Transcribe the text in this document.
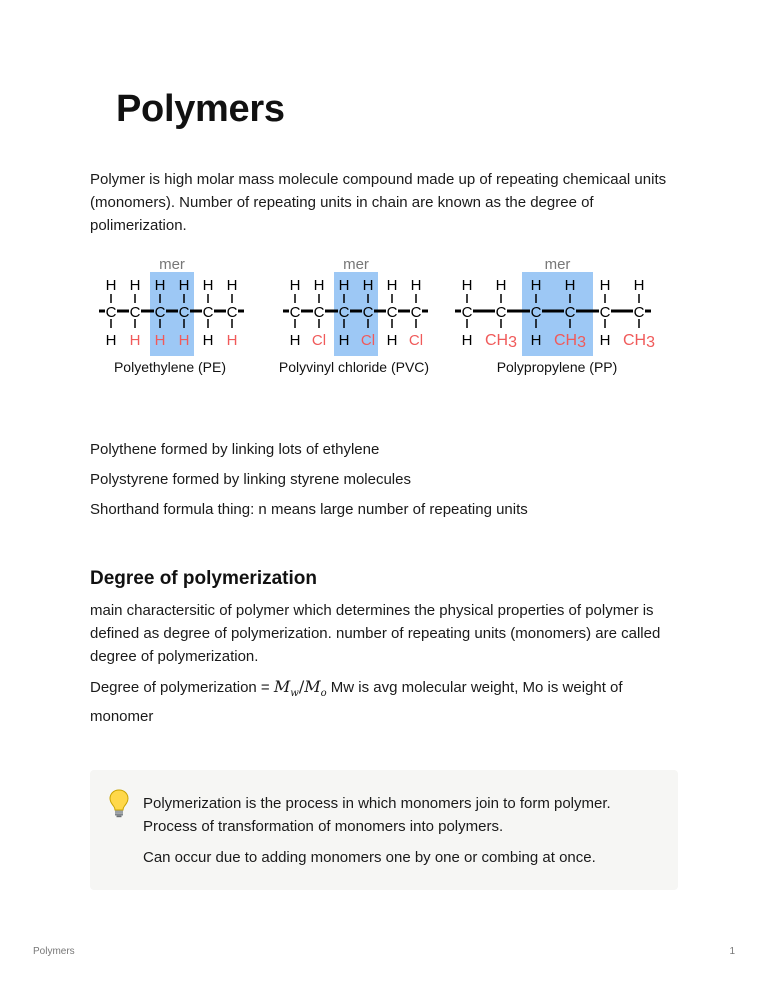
Polymers

Polymer is high molar mass molecule compound made up of repeating chemicaal units (monomers). Number of repeating units in chain are known as the degree of polimerization.

mer
H
C
H
H
C
H
H
C
H
H
C
H
H
C
H
H
C
H
Polyethylene (PE)
mer
H
C
H
H
C
Cl
H
C
H
H
C
Cl
H
C
H
H
C
Cl
Polyvinyl chloride (PVC)
mer
H
C
H
H
C
CH3
H
C
H
H
C
CH3
H
C
H
H
C
CH3
Polypropylene (PP)

Polythene formed by linking lots of ethylene

Polystyrene formed by linking styrene molecules

Shorthand formula thing: n means large number of repeating units

Degree of polymerization

main charactersitic of polymer which determines the physical properties of polymer is defined as degree of polymerization. number of repeating units (monomers) are called degree of polymerization.

Degree of polymerization = $M_w/M_o$ Mw is avg molecular weight, Mo is weight of monomer

Polymerization is the process in which monomers join to form polymer. Process of transformation of monomers into polymers.

Can occur due to adding monomers one by one or combing at once.

Polymers	1
